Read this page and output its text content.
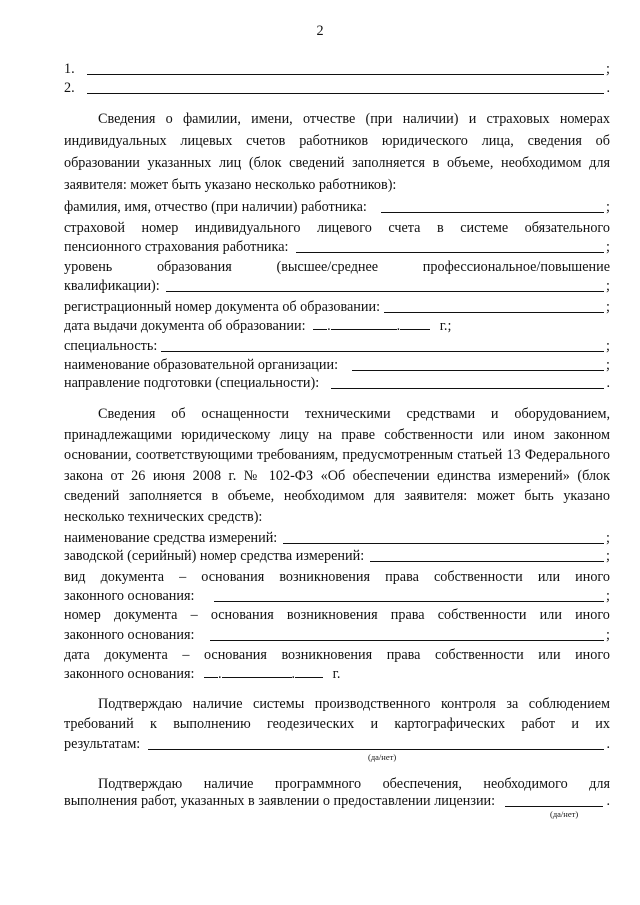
2
1.	;
2.	.
Сведения о фамилии, имени, отчестве (при наличии) и страховых номерах индивидуальных лицевых счетов работников юридического лица, сведения об образовании указанных лиц (блок сведений заполняется в объеме, необходимом для заявителя: может быть указано несколько работников):
фамилия, имя, отчество (при наличии) работника:	;
страховой номер индивидуального лицевого счета в системе обязательного
пенсионного страхования работника:	;
уровень	образования	(высшее/среднее	профессиональное/повышение
квалификации):	;
регистрационный номер документа об образовании:	;
дата выдачи документа об образовании: .	.	г.;
специальность:	;
наименование образовательной организации:	;
направление подготовки (специальности):	.
Сведения об оснащенности техническими средствами и оборудованием, принадлежащими юридическому лицу на праве собственности или ином законном основании, соответствующими требованиям, предусмотренным статьей 13 Федерального закона от 26 июня 2008 г. № 102-ФЗ «Об обеспечении единства измерений» (блок сведений заполняется в объеме, необходимом для заявителя: может быть указано несколько технических средств):
наименование средства измерений:	;
заводской (серийный) номер средства измерений:	;
вид документа – основания возникновения права собственности или иного
законного основания:	;
номер документа – основания возникновения права собственности или иного
законного основания:	;
дата документа – основания возникновения права собственности или иного
законного основания: .	.	г.
Подтверждаю наличие системы производственного контроля за соблюдением требований к выполнению геодезических и картографических работ и их
результатам:	.
(да/нет)
Подтверждаю наличие программного обеспечения, необходимого для
выполнения работ, указанных в заявлении о предоставлении лицензии:	.
(да/нет)
